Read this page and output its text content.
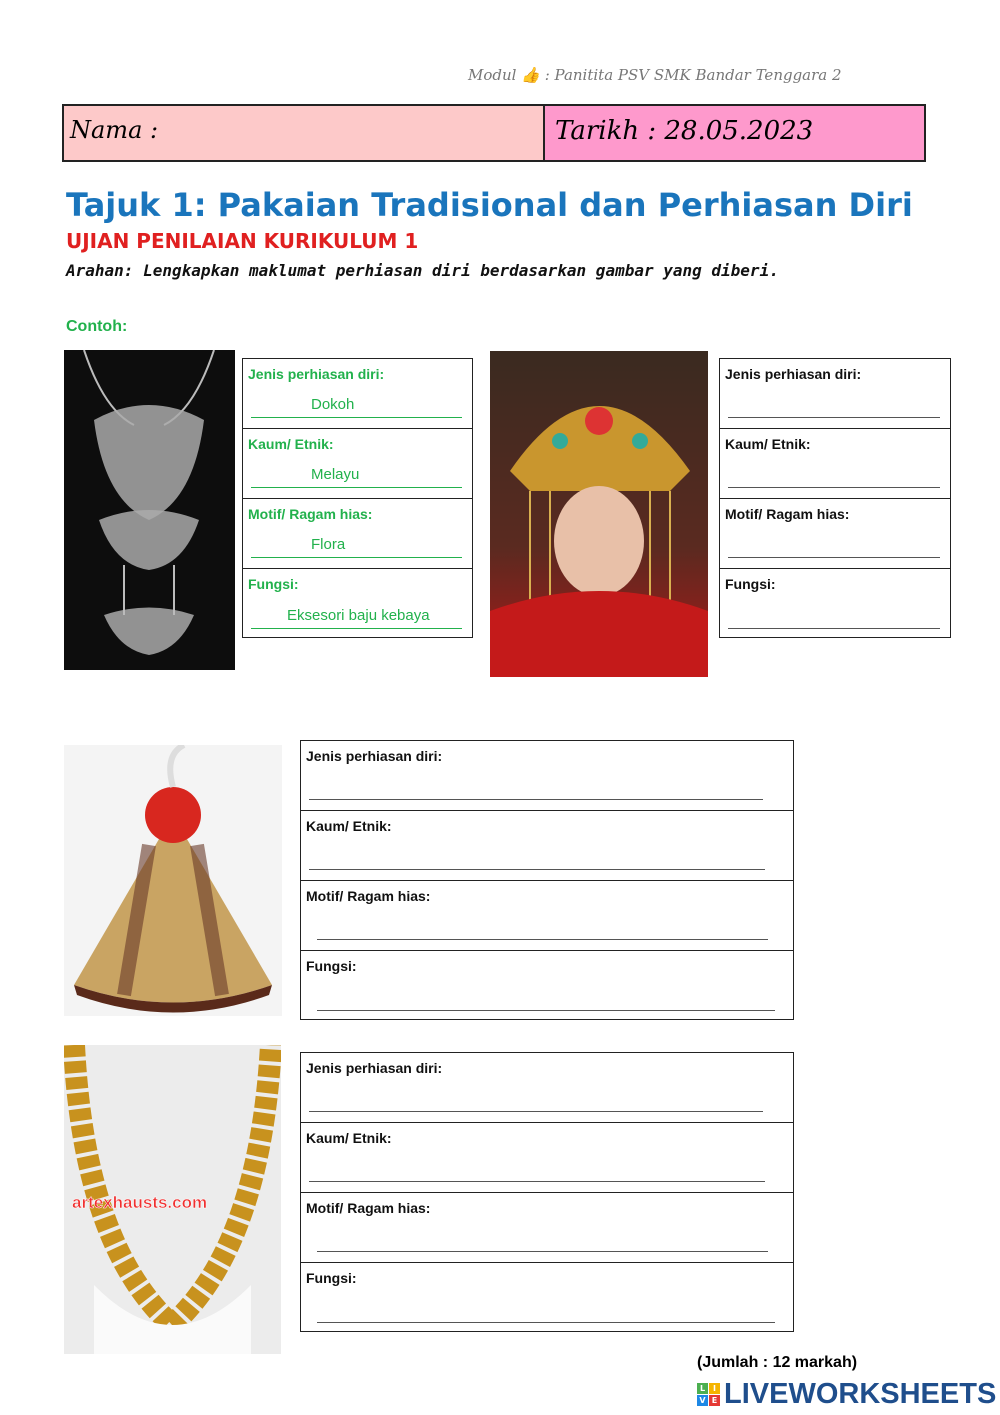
Modul 👍 : Panitita PSV SMK Bandar Tenggara 2
Nama :	Tarikh : 28.05.2023
Tajuk 1: Pakaian Tradisional dan Perhiasan Diri
UJIAN PENILAIAN KURIKULUM 1
Arahan: Lengkapkan maklumat perhiasan diri berdasarkan gambar yang diberi.
Contoh:
Jenis perhiasan diri:
Dokoh
Kaum/ Etnik:
Melayu
Motif/ Ragam hias:
Flora
Fungsi:
Eksesori baju kebaya
Jenis perhiasan diri:
Kaum/ Etnik:
Motif/ Ragam hias:
Fungsi:
Jenis perhiasan diri:
Kaum/ Etnik:
Motif/ Ragam hias:
Fungsi:
artexhausts.com
Jenis perhiasan diri:
Kaum/ Etnik:
Motif/ Ragam hias:
Fungsi:
(Jumlah : 12 markah)
L I
V E LIVEWORKSHEETS
